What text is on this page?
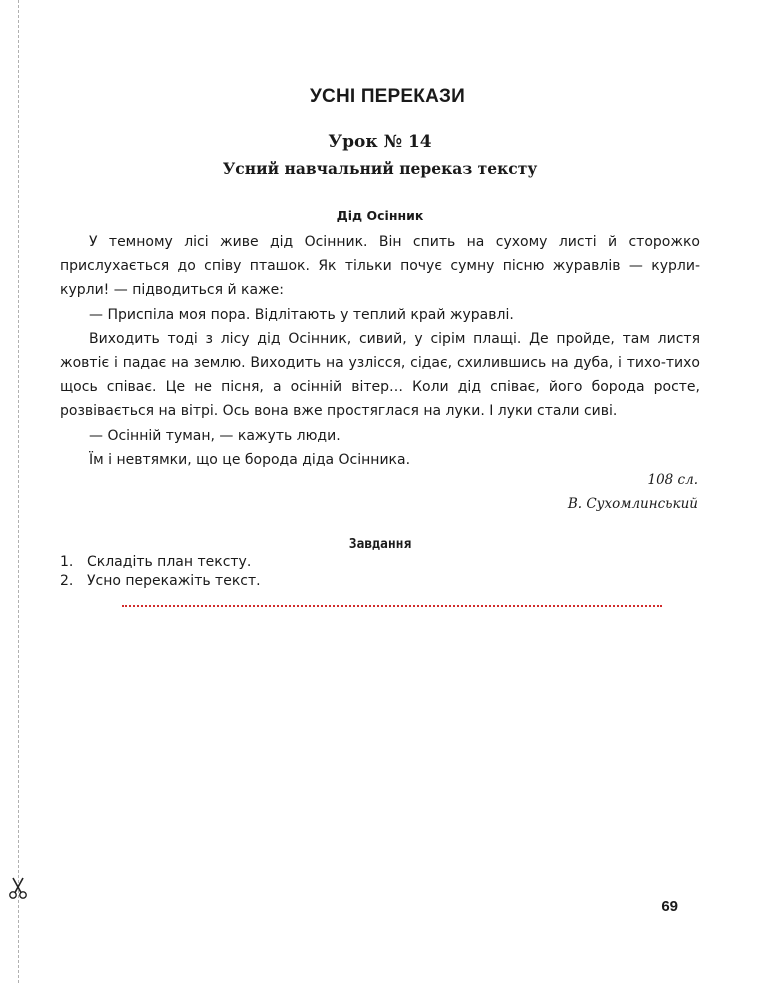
УСНІ ПЕРЕКАЗИ
Урок № 14
Усний навчальний переказ тексту
Дід Осінник

У темному лісі живе дід Осінник. Він спить на сухому листі й сторожко прислухається до співу пташок. Як тільки почує сумну пісню журавлів — курли-курли! — підводиться й каже:

— Приспіла моя пора. Відлітають у теплий край журавлі.

Виходить тоді з лісу дід Осінник, сивий, у сірім плащі. Де пройде, там листя жовтіє і падає на землю. Виходить на узлісся, сідає, схилившись на дуба, і тихо-тихо щось співає. Це не пісня, а осінній вітер… Коли дід співає, його борода росте, розвівається на вітрі. Ось вона вже простяглася на луки. І луки стали сиві.

— Осінній туман, — кажуть люди.

Їм і невтямки, що це борода діда Осінника.

108 сл.
В. Сухомлинський
Завдання
1. Складіть план тексту.
2. Усно перекажіть текст.
69
